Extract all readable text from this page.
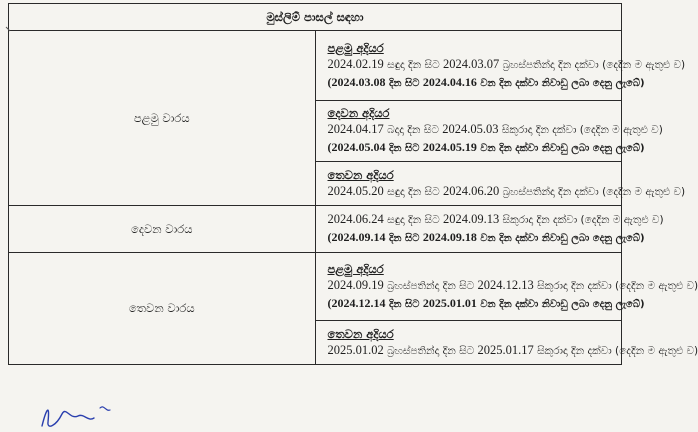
මුස්ලිම් පාසල් සඳහා	
පළමු වාරය	පළමු අදියර
2024.02.19 සඳුදා දින සිට 2024.03.07 බ්‍රහස්පතින්දා දින දක්වා (දෙදින ම ඇතුළු ව)
(2024.03.08 දින සිට 2024.04.16 වන දින දක්වා නිවාඩු ලබා දෙනු ලැබේ)

	දෙවන අදියර
2024.04.17 බදාදා දින සිට 2024.05.03 සිකුරාදා දින දක්වා (දෙදින ම ඇතුළු ව)
(2024.05.04 දින සිට 2024.05.19 වන දින දක්වා නිවාඩු ලබා දෙනු ලැබේ)

	තෙවන අදියර
2024.05.20 සඳුදා දින සිට 2024.06.20 බ්‍රහස්පතින්දා දින දක්වා (දෙදින ම ඇතුළු ව)

දෙවන වාරය	2024.06.24 සඳුදා දින සිට 2024.09.13 සිකුරාදා දින දක්වා (දෙදින ම ඇතුළු ව)
(2024.09.14 දින සිට 2024.09.18 වන දින දක්වා නිවාඩු ලබා දෙනු ලැබේ)

තෙවන වාරය	පළමු අදියර
2024.09.19 බ්‍රහස්පතින්දා දින සිට 2024.12.13 සිකුරාදා දින දක්වා (දෙදින ම ඇතුළු ව)
(2024.12.14 දින සිට 2025.01.01 වන දින දක්වා නිවාඩු ලබා දෙනු ලැබේ)

	තෙවන අදියර
2025.01.02 බ්‍රහස්පතින්දා දින සිට 2025.01.17 සිකුරාදා දින දක්වා (දෙදින ම ඇතුළු ව)
